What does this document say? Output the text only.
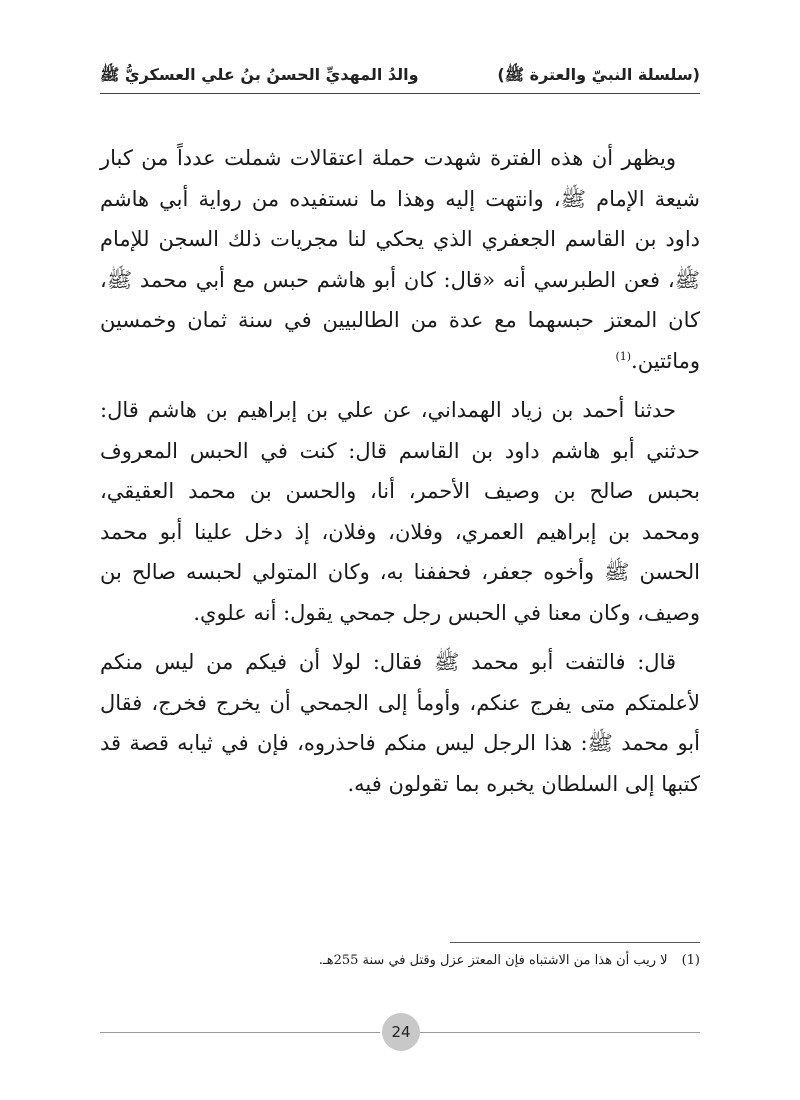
(سلسلة النبيّ والعترة ﷺ)
والدُ المهديِّ الحسنُ بنُ علي العسكريُّ ﷺ

ويظهر أن هذه الفترة شهدت حملة اعتقالات شملت عدداً من كبار شيعة الإمام ﷺ، وانتهت إليه وهذا ما نستفيده من رواية أبي هاشم داود بن القاسم الجعفري الذي يحكي لنا مجريات ذلك السجن للإمام ﷺ، فعن الطبرسي أنه «قال: كان أبو هاشم حبس مع أبي محمد ﷺ، كان المعتز حبسهما مع عدة من الطالبيين في سنة ثمان وخمسين ومائتين.$^{(1)}$

حدثنا أحمد بن زياد الهمداني، عن علي بن إبراهيم بن هاشم قال: حدثني أبو هاشم داود بن القاسم قال: كنت في الحبس المعروف بحبس صالح بن وصيف الأحمر، أنا، والحسن بن محمد العقيقي، ومحمد بن إبراهيم العمري، وفلان، وفلان، إذ دخل علينا أبو محمد الحسن ﷺ وأخوه جعفر، فحففنا به، وكان المتولي لحبسه صالح بن وصيف، وكان معنا في الحبس رجل جمحي يقول: أنه علوي.

قال: فالتفت أبو محمد ﷺ فقال: لولا أن فيكم من ليس منكم لأعلمتكم متى يفرج عنكم، وأومأ إلى الجمحي أن يخرج فخرج، فقال أبو محمد ﷺ: هذا الرجل ليس منكم فاحذروه، فإن في ثيابه قصة قد كتبها إلى السلطان يخبره بما تقولون فيه.

(1)لا ريب أن هذا من الاشتباه فإن المعتز عزل وقتل في سنة 255هـ.
24
